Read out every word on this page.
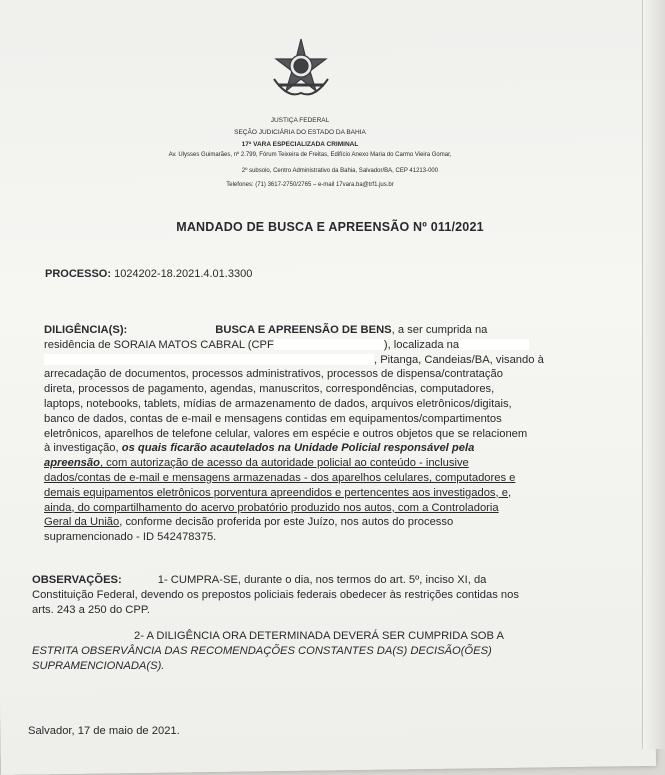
JUSTIÇA FEDERAL
SEÇÃO JUDICIÁRIA DO ESTADO DA BAHIA
17ª VARA ESPECIALIZADA CRIMINAL
Av. Ulysses Guimarães, nº 2.799, Fórum Teixeira de Freitas, Edifício Anexo Maria do Carmo Vieira Gomar,
2º subsolo, Centro Administrativo da Bahia, Salvador/BA, CEP 41213-000
Telefones: (71) 3617-2750/2765 – e-mail 17vara.ba@trf1.jus.br
MANDADO DE BUSCA E APREENSÃO Nº 011/2021
PROCESSO: 1024202-18.2021.4.01.3300
DILIGÊNCIA(S):	BUSCA E APREENSÃO DE BENS, a ser cumprida na
residência de SORAIA MATOS CABRAL (CPF	), localizada na
, Pitanga, Candeias/BA, visando à
arrecadação de documentos, processos administrativos, processos de dispensa/contratação
direta, processos de pagamento, agendas, manuscritos, correspondências, computadores,
laptops, notebooks, tablets, mídias de armazenamento de dados, arquivos eletrônicos/digitais,
banco de dados, contas de e-mail e mensagens contidas em equipamentos/compartimentos
eletrônicos, aparelhos de telefone celular, valores em espécie e outros objetos que se relacionem
à investigação, os quais ficarão acautelados na Unidade Policial responsável pela
apreensão, com autorização de acesso da autoridade policial ao conteúdo - inclusive
dados/contas de e-mail e mensagens armazenadas - dos aparelhos celulares, computadores e
demais equipamentos eletrônicos porventura apreendidos e pertencentes aos investigados, e,
ainda, do compartilhamento do acervo probatório produzido nos autos, com a Controladoria
Geral da União, conforme decisão proferida por este Juízo, nos autos do processo
supramencionado - ID 542478375.
OBSERVAÇÕES:	1- CUMPRA-SE, durante o dia, nos termos do art. 5º, inciso XI, da
Constituição Federal, devendo os prepostos policiais federais obedecer às restrições contidas nos
arts. 243 a 250 do CPP.
2- A DILIGÊNCIA ORA DETERMINADA DEVERÁ SER CUMPRIDA SOB A
ESTRITA OBSERVÂNCIA DAS RECOMENDAÇÕES CONSTANTES DA(S) DECISÃO(ÕES)
SUPRAMENCIONADA(S).
Salvador, 17 de maio de 2021.
